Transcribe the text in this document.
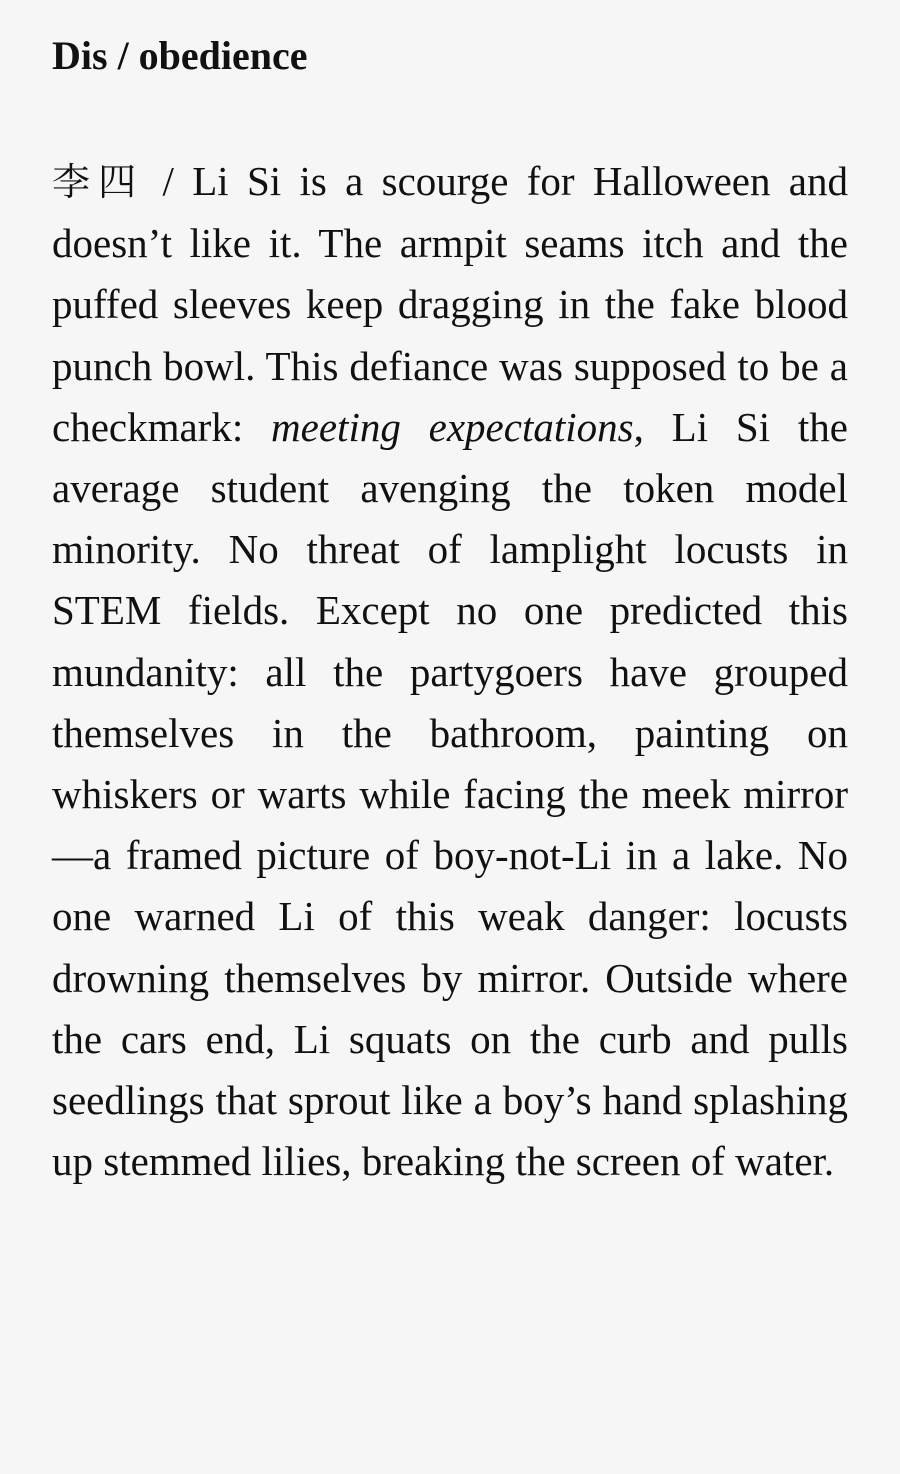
Dis / obedience

李四 / Li Si is a scourge for Halloween and doesn’t like it. The armpit seams itch and the puffed sleeves keep dragging in the fake blood punch bowl. This defiance was supposed to be a checkmark: meeting expectations, Li Si the average student avenging the token model minority. No threat of lamplight locusts in STEM fields. Except no one predicted this mundanity: all the partygoers have grouped themselves in the bathroom, painting on whiskers or warts while facing the meek mirror—a framed picture of boy-not-Li in a lake. No one warned Li of this weak danger: locusts drowning themselves by mirror. Outside where the cars end, Li squats on the curb and pulls seedlings that sprout like a boy’s hand splashing up stemmed lilies, breaking the screen of water.
